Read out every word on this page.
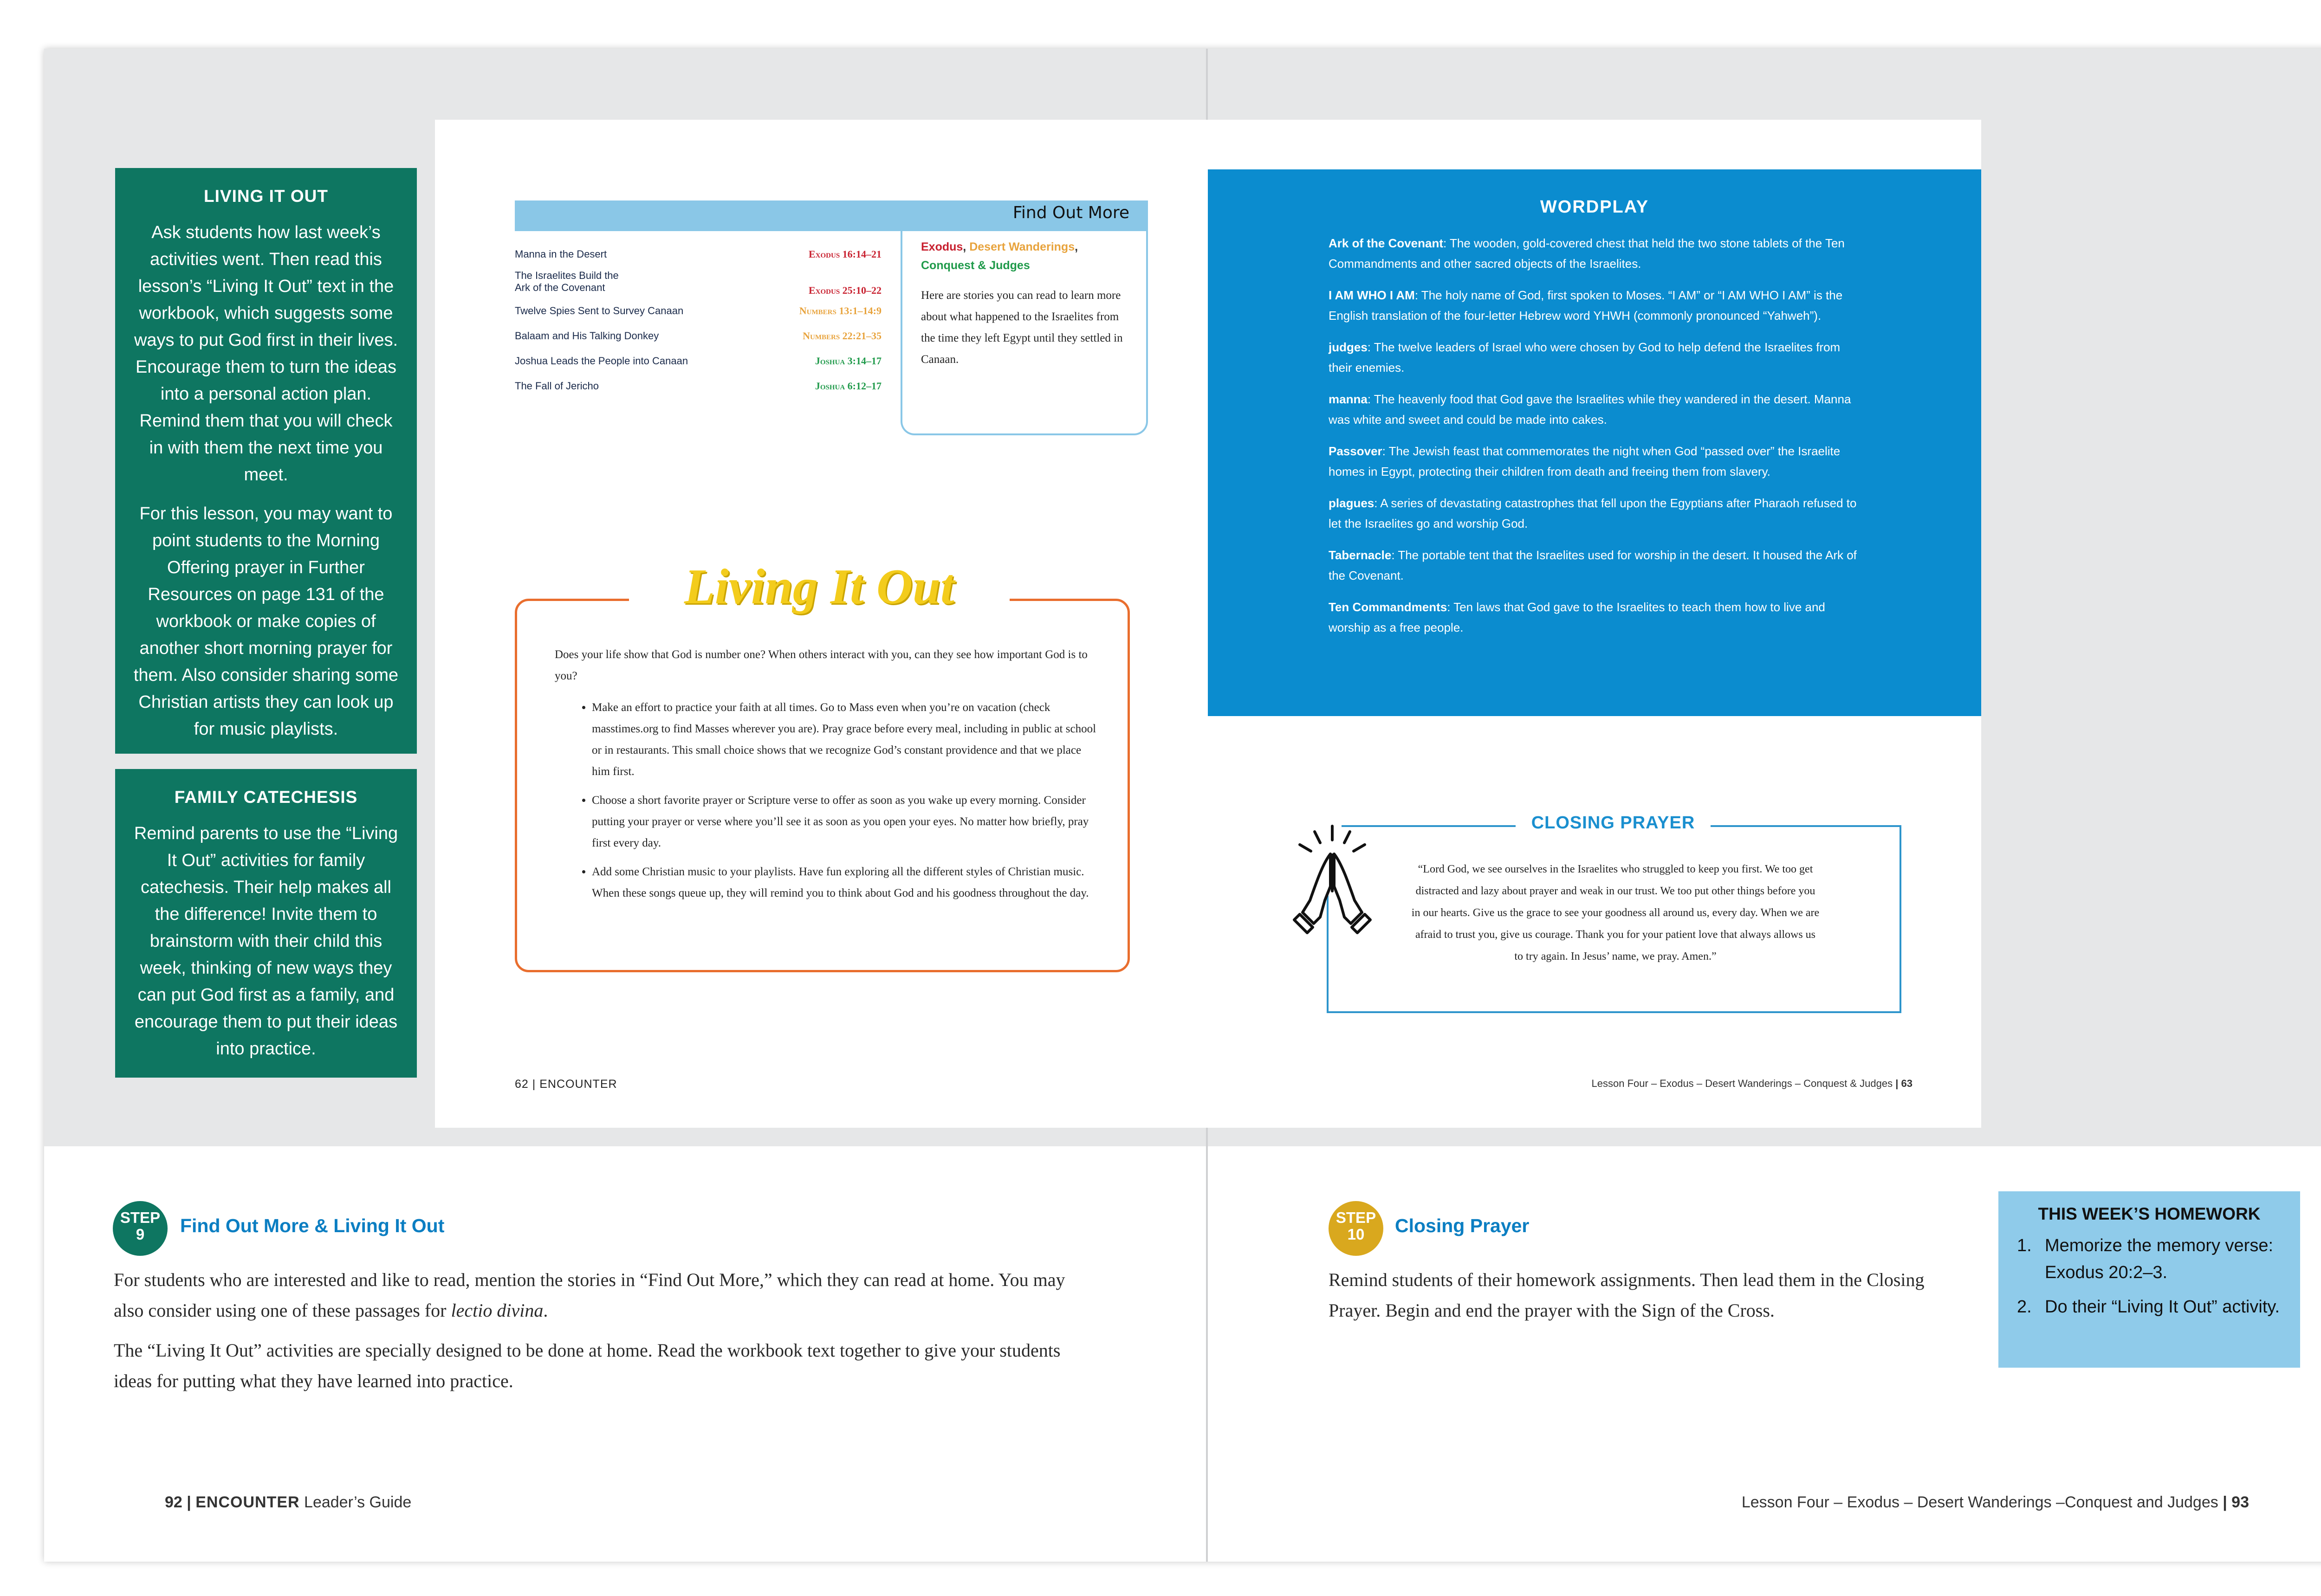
LIVING IT OUT

Ask students how last week’s activities went. Then read this lesson’s “Living It Out” text in the workbook, which suggests some ways to put God first in their lives. Encourage them to turn the ideas into a personal action plan. Remind them that you will check in with them the next time you meet.

For this lesson, you may want to point students to the Morning Offering prayer in Further Resources on page 131 of the workbook or make copies of another short morning prayer for them. Also consider sharing some Christian artists they can look up for music playlists.

FAMILY CATECHESIS

Remind parents to use the “Living It Out” activities for family catechesis. Their help makes all the difference! Invite them to brainstorm with their child this week, thinking of new ways they can put God first as a family, and encourage them to put their ideas into practice.

Find Out More
Manna in the Desert	Exodus 16:14–21
The Israelites Build the
Ark of the Covenant	Exodus 25:10–22
Twelve Spies Sent to Survey Canaan	Numbers 13:1–14:9
Balaam and His Talking Donkey	Numbers 22:21–35
Joshua Leads the People into Canaan	Joshua 3:14–17
The Fall of Jericho	Joshua 6:12–17
Exodus, Desert Wanderings,
Conquest & Judges
Here are stories you can read to learn more about what happened to the Israelites from the time they left Egypt until they settled in Canaan.
Living It Out
Does your life show that God is number one? When others interact with you, can they see how important God is to you?
• Make an effort to practice your faith at all times. Go to Mass even when you’re on vacation (check masstimes.org to find Masses wherever you are). Pray grace before every meal, including in public at school or in restaurants. This small choice shows that we recognize God’s constant providence and that we place him first.
• Choose a short favorite prayer or Scripture verse to offer as soon as you wake up every morning. Consider putting your prayer or verse where you’ll see it as soon as you open your eyes. No matter how briefly, pray first every day.
• Add some Christian music to your playlists. Have fun exploring all the different styles of Christian music. When these songs queue up, they will remind you to think about God and his goodness throughout the day.
62 | ENCOUNTER
WORDPLAY

Ark of the Covenant: The wooden, gold-covered chest that held the two stone tablets of the Ten Commandments and other sacred objects of the Israelites.

I AM WHO I AM: The holy name of God, first spoken to Moses. “I AM” or “I AM WHO I AM” is the English translation of the four-letter Hebrew word YHWH (commonly pronounced “Yahweh”).

judges: The twelve leaders of Israel who were chosen by God to help defend the Israelites from their enemies.

manna: The heavenly food that God gave the Israelites while they wandered in the desert. Manna was white and sweet and could be made into cakes.

Passover: The Jewish feast that commemorates the night when God “passed over” the Israelite homes in Egypt, protecting their children from death and freeing them from slavery.

plagues: A series of devastating catastrophes that fell upon the Egyptians after Pharaoh refused to let the Israelites go and worship God.

Tabernacle: The portable tent that the Israelites used for worship in the desert. It housed the Ark of the Covenant.

Ten Commandments: Ten laws that God gave to the Israelites to teach them how to live and worship as a free people.

CLOSING PRAYER
“Lord God, we see ourselves in the Israelites who struggled to keep you first. We too get distracted and lazy about prayer and weak in our trust. We too put other things before you in our hearts. Give us the grace to see your goodness all around us, every day. When we are afraid to trust you, give us courage. Thank you for your patient love that always allows us to try again. In Jesus’ name, we pray. Amen.”
Lesson Four – Exodus – Desert Wanderings – Conquest & Judges | 63
STEP
9	Find Out More & Living It Out
For students who are interested and like to read, mention the stories in “Find Out More,” which they can read at home. You may also consider using one of these passages for lectio divina.
The “Living It Out” activities are specially designed to be done at home. Read the workbook text together to give your students ideas for putting what they have learned into practice.
STEP
10	Closing Prayer
Remind students of their homework assignments. Then lead them in the Closing Prayer. Begin and end the prayer with the Sign of the Cross.
THIS WEEK’S HOMEWORK
1. Memorize the memory verse: Exodus 20:2–3.
2. Do their “Living It Out” activity.
92 | ENCOUNTER Leader’s Guide	Lesson Four – Exodus – Desert Wanderings –Conquest and Judges | 93
